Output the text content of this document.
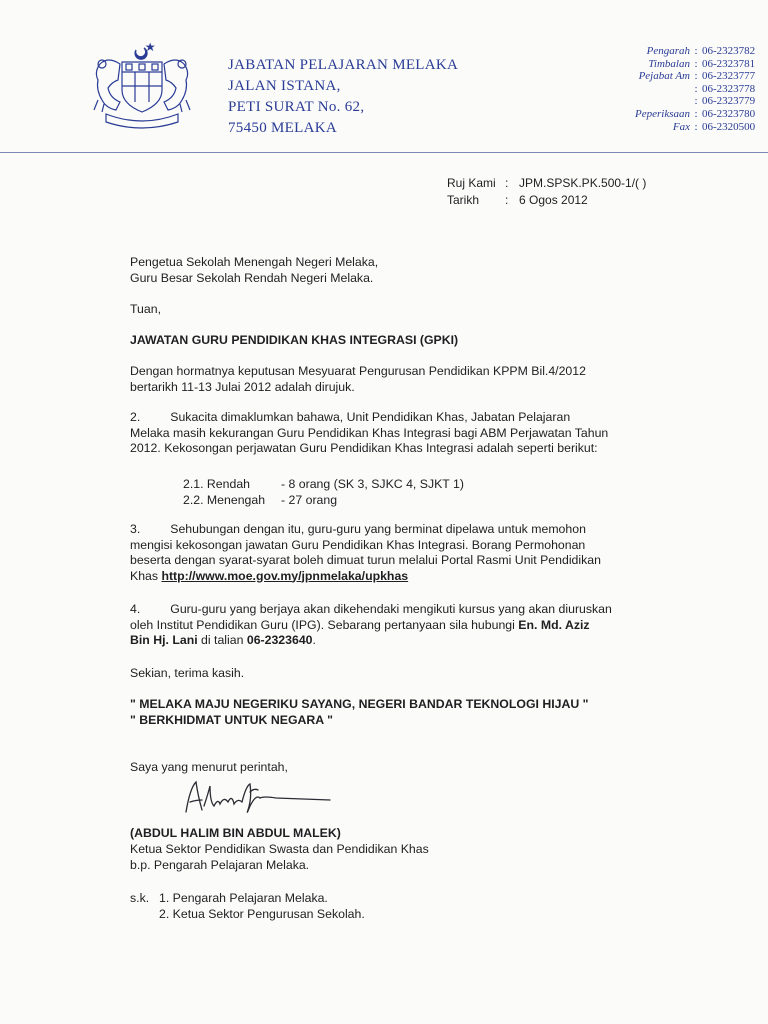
JABATAN PELAJARAN MELAKA
JALAN ISTANA,
PETI SURAT No. 62,
75450 MELAKA
Pengarah : 06-2323782
Timbalan : 06-2323781
Pejabat Am : 06-2323777
: 06-2323778
: 06-2323779
Peperiksaan : 06-2323780
Fax : 06-2320500
Ruj Kami : JPM.SPSK.PK.500-1/( )
Tarikh	: 6 Ogos 2012
Pengetua Sekolah Menengah Negeri Melaka,
Guru Besar Sekolah Rendah Negeri Melaka.
Tuan,
JAWATAN GURU PENDIDIKAN KHAS INTEGRASI (GPKI)
Dengan hormatnya keputusan Mesyuarat Pengurusan Pendidikan KPPM Bil.4/2012
bertarikh 11-13 Julai 2012 adalah dirujuk.
2. Sukacita dimaklumkan bahawa, Unit Pendidikan Khas, Jabatan Pelajaran
Melaka masih kekurangan Guru Pendidikan Khas Integrasi bagi ABM Perjawatan Tahun
2012. Kekosongan perjawatan Guru Pendidikan Khas Integrasi adalah seperti berikut:
2.1. Rendah	- 8 orang (SK 3, SJKC 4, SJKT 1)
2.2. Menengah	- 27 orang
3. Sehubungan dengan itu, guru-guru yang berminat dipelawa untuk memohon
mengisi kekosongan jawatan Guru Pendidikan Khas Integrasi. Borang Permohonan
beserta dengan syarat-syarat boleh dimuat turun melalui Portal Rasmi Unit Pendidikan
Khas http://www.moe.gov.my/jpnmelaka/upkhas
4. Guru-guru yang berjaya akan dikehendaki mengikuti kursus yang akan diuruskan
oleh Institut Pendidikan Guru (IPG). Sebarang pertanyaan sila hubungi En. Md. Aziz
Bin Hj. Lani di talian 06-2323640.
Sekian, terima kasih.
" MELAKA MAJU NEGERIKU SAYANG, NEGERI BANDAR TEKNOLOGI HIJAU "
" BERKHIDMAT UNTUK NEGARA "
Saya yang menurut perintah,
(ABDUL HALIM BIN ABDUL MALEK)
Ketua Sektor Pendidikan Swasta dan Pendidikan Khas
b.p. Pengarah Pelajaran Melaka.
s.k. 1. Pengarah Pelajaran Melaka.
2. Ketua Sektor Pengurusan Sekolah.
